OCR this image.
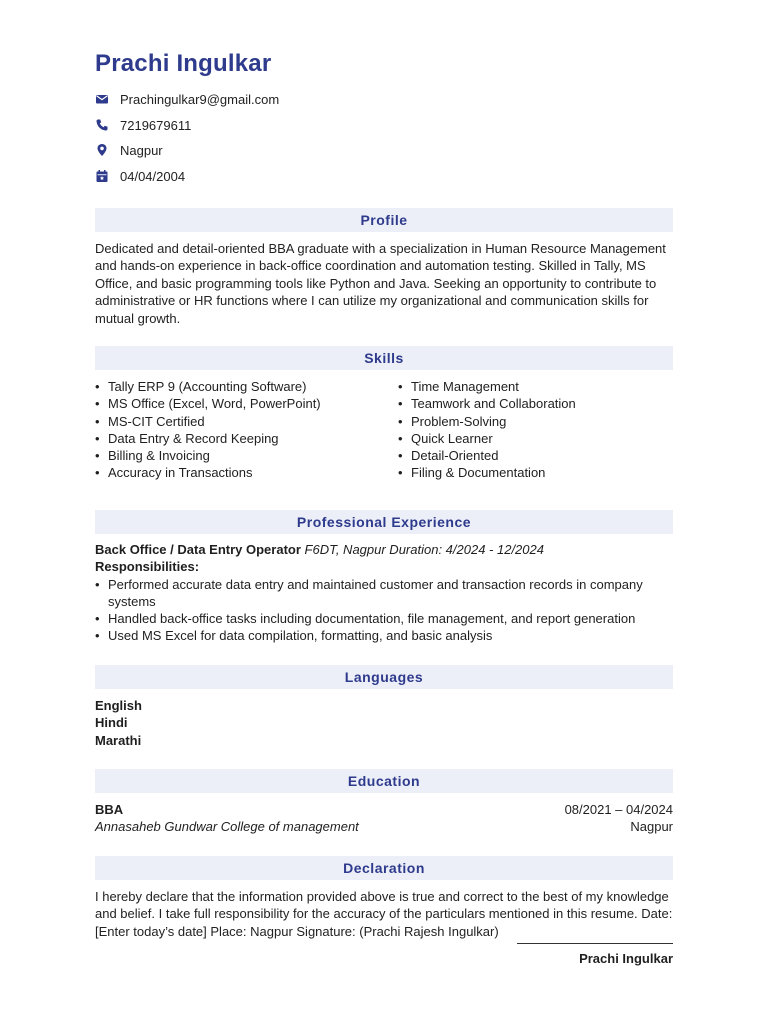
Prachi Ingulkar
Prachingulkar9@gmail.com
7219679611
Nagpur
04/04/2004
Profile
Dedicated and detail-oriented BBA graduate with a specialization in Human Resource Management and hands-on experience in back-office coordination and automation testing. Skilled in Tally, MS Office, and basic programming tools like Python and Java. Seeking an opportunity to contribute to administrative or HR functions where I can utilize my organizational and communication skills for mutual growth.
Skills
• Tally ERP 9 (Accounting Software)
• MS Office (Excel, Word, PowerPoint)
• MS-CIT Certified
• Data Entry & Record Keeping
• Billing & Invoicing
• Accuracy in Transactions
• Time Management
• Teamwork and Collaboration
• Problem-Solving
• Quick Learner
• Detail-Oriented
• Filing & Documentation
Professional Experience
Back Office / Data Entry Operator F6DT, Nagpur Duration: 4/2024 - 12/2024
Responsibilities:
• Performed accurate data entry and maintained customer and transaction records in company systems
• Handled back-office tasks including documentation, file management, and report generation
• Used MS Excel for data compilation, formatting, and basic analysis
Languages
English
Hindi
Marathi
Education
BBA	08/2021 – 04/2024
Annasaheb Gundwar College of management	Nagpur
Declaration
I hereby declare that the information provided above is true and correct to the best of my knowledge and belief. I take full responsibility for the accuracy of the particulars mentioned in this resume. Date: [Enter today’s date] Place: Nagpur Signature: (Prachi Rajesh Ingulkar)
Prachi Ingulkar
